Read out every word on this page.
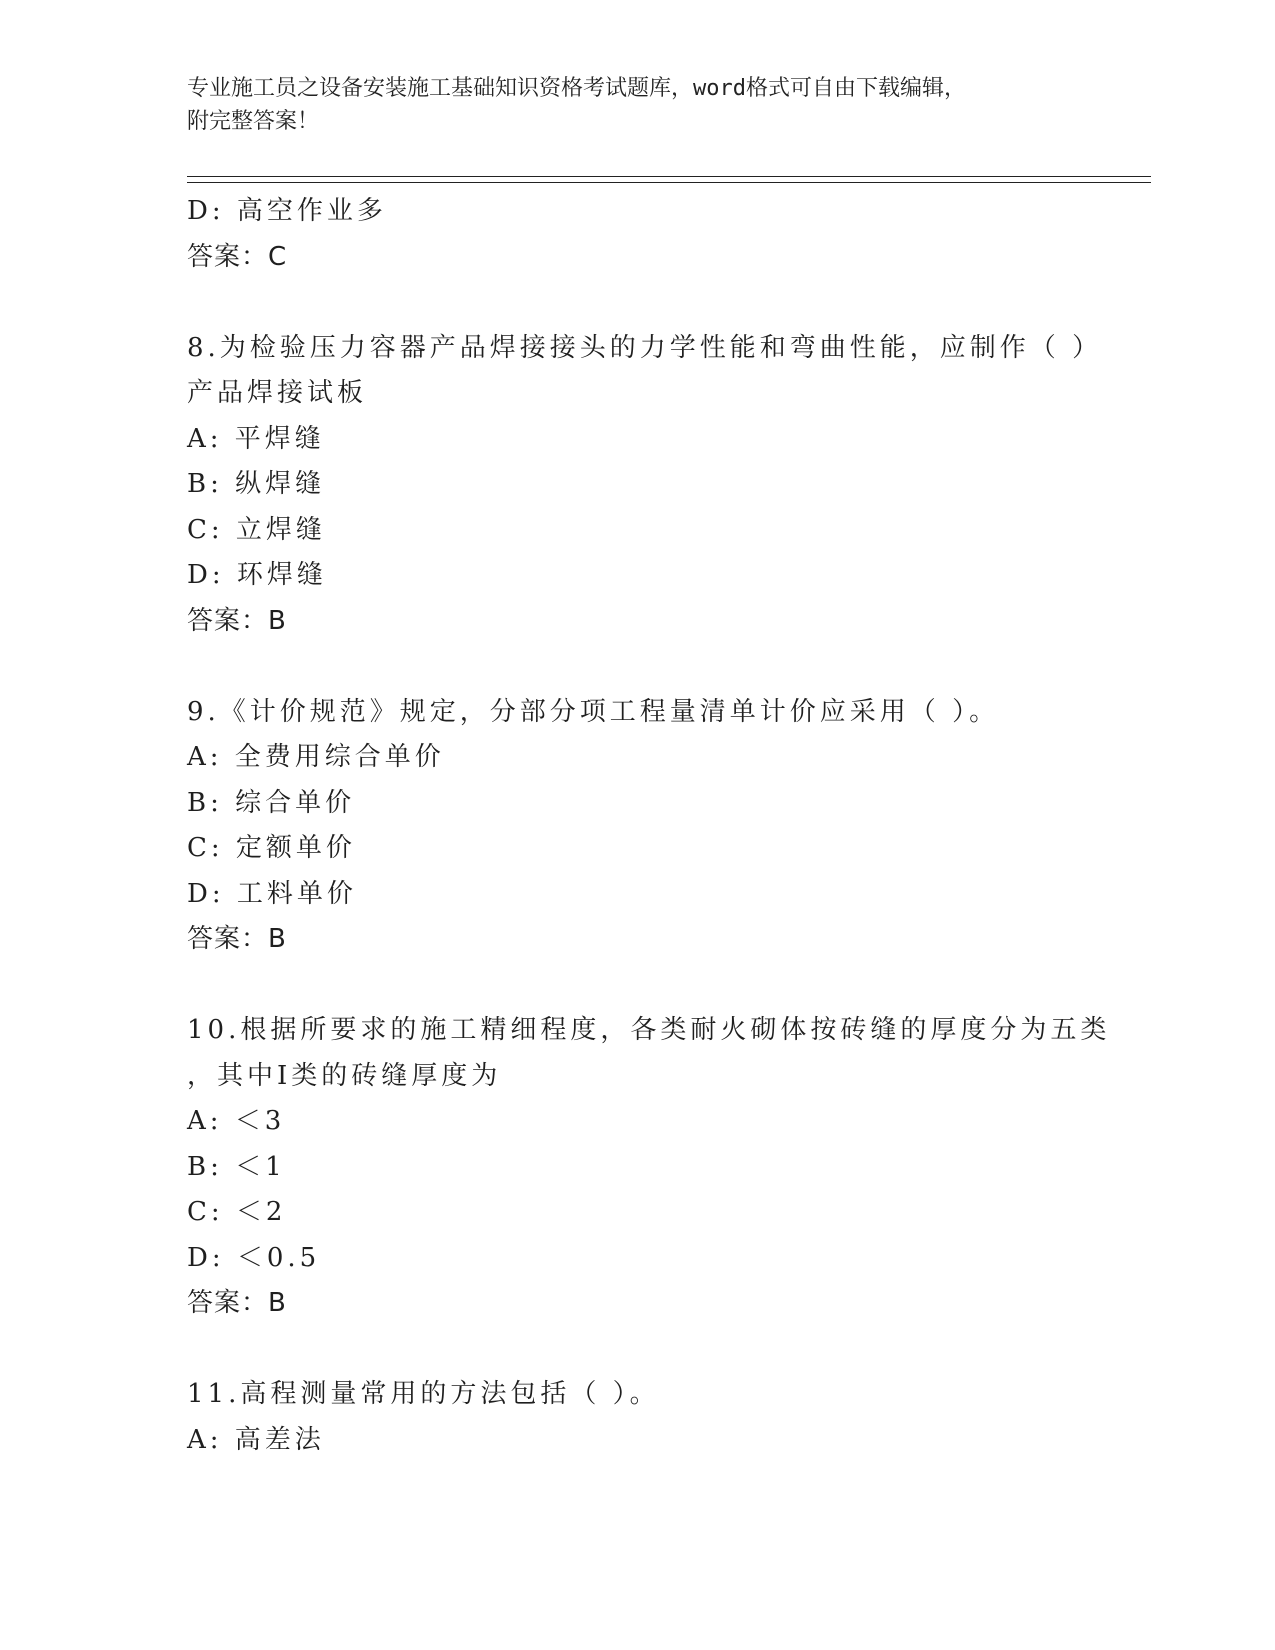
专业施工员之设备安装施工基础知识资格考试题库，word格式可自由下载编辑，
附完整答案！
D: 高空作业多
答案：C
8.为检验压力容器产品焊接接头的力学性能和弯曲性能，应制作（ ）
产品焊接试板
A: 平焊缝
B: 纵焊缝
C: 立焊缝
D: 环焊缝
答案：B
9.《计价规范》规定，分部分项工程量清单计价应采用（ ）。
A: 全费用综合单价
B: 综合单价
C: 定额单价
D: 工料单价
答案：B
10.根据所要求的施工精细程度，各类耐火砌体按砖缝的厚度分为五类
，其中Ⅰ类的砖缝厚度为
A: ＜3
B: ＜1
C: ＜2
D: ＜0.5
答案：B
11.高程测量常用的方法包括（ ）。
A: 高差法
